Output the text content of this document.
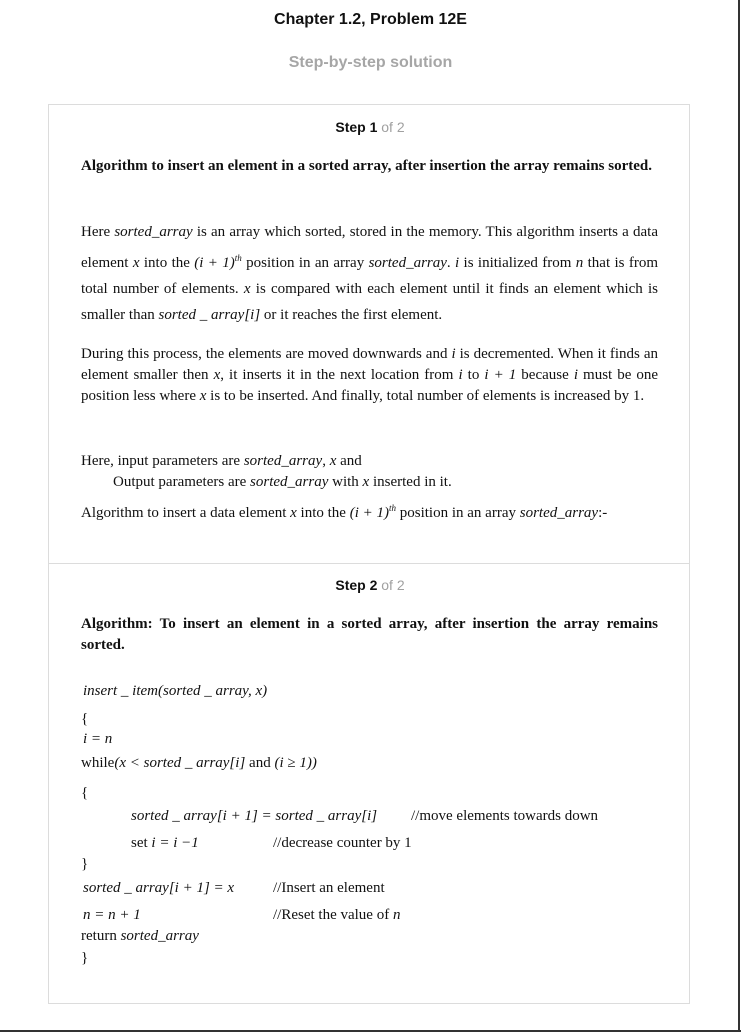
Chapter 1.2, Problem 12E
Step-by-step solution
Step 1 of 2
Algorithm to insert an element in a sorted array, after insertion the array remains sorted.
Here sorted_array is an array which sorted, stored in the memory. This algorithm inserts a data element x into the $(i + 1)^{th}$ position in an array sorted_array. i is initialized from n that is from total number of elements. x is compared with each element until it finds an element which is smaller than sorted _ array[i] or it reaches the first element.
During this process, the elements are moved downwards and i is decremented. When it finds an element smaller then x, it inserts it in the next location from i to i + 1 because i must be one position less where x is to be inserted. And finally, total number of elements is increased by 1.
Here, input parameters are sorted_array, x and
Output parameters are sorted_array with x inserted in it.
Algorithm to insert a data element x into the $(i + 1)^{th}$ position in an array sorted_array:-
Step 2 of 2
Algorithm: To insert an element in a sorted array, after insertion the array remains sorted.
insert _ item(sorted _ array, x)
{
i = n
while(x < sorted _ array[i] and (i ≥ 1))
{
sorted _ array[i + 1] = sorted _ array[i] //move elements towards down
set i = i −1	//decrease counter by 1
}
sorted _ array[i + 1] = x	//Insert an element
n = n + 1	//Reset the value of n
return sorted_array
}
